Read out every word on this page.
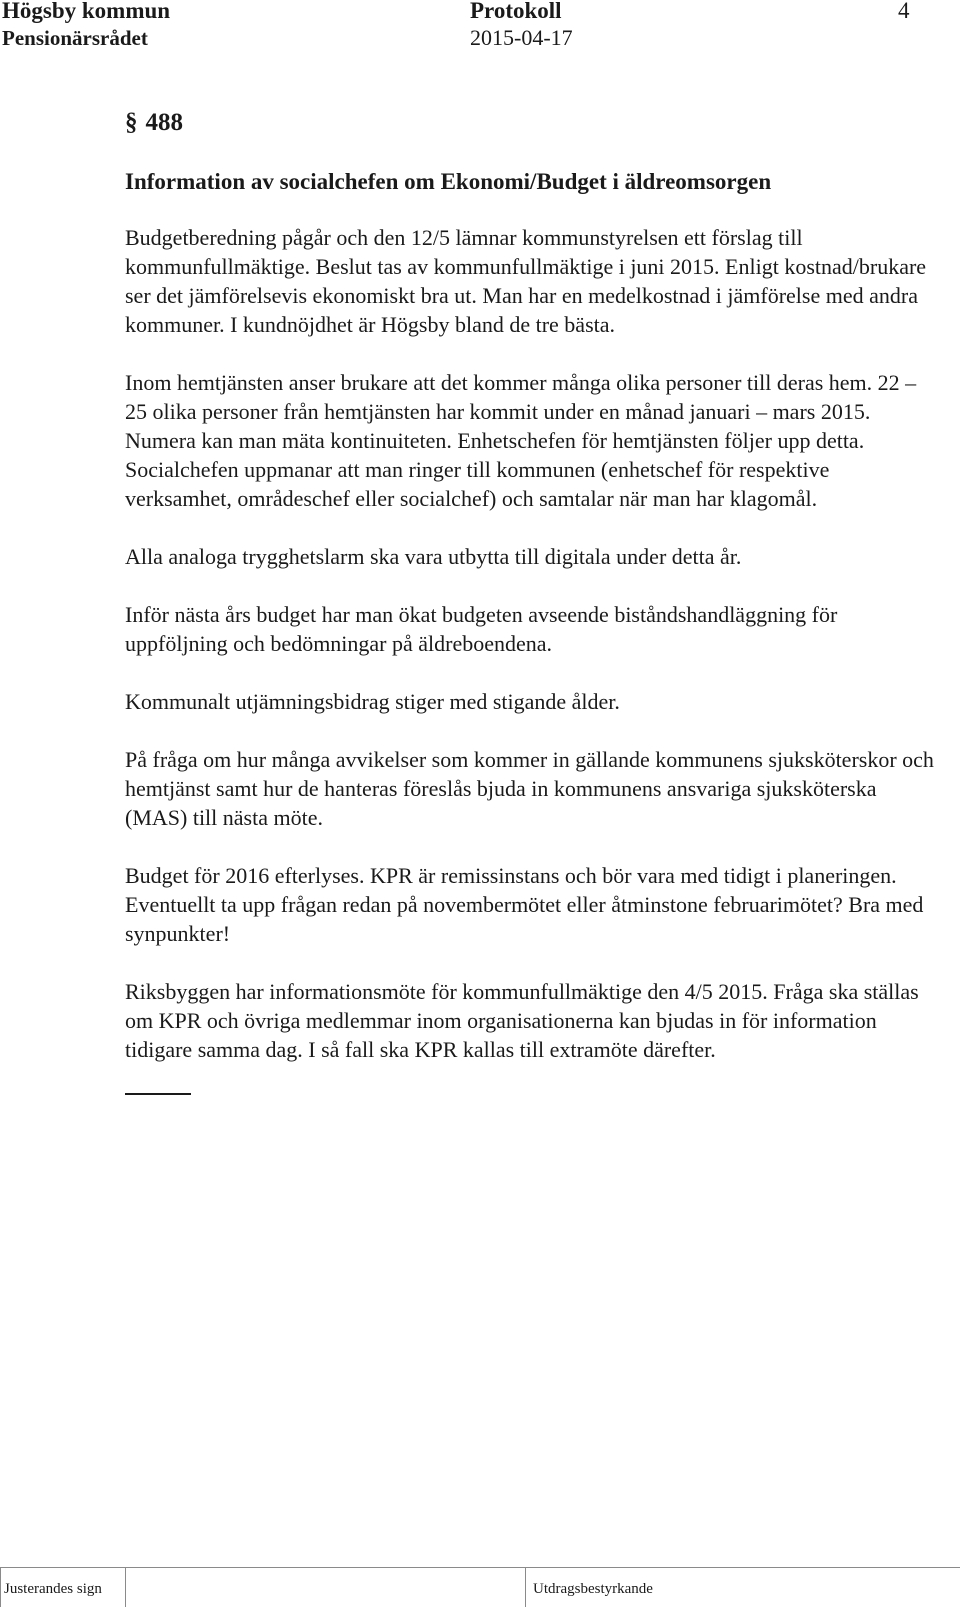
Högsby kommun	Protokoll	4
Pensionärsrådet	2015-04-17

§ 488

Information av socialchefen om Ekonomi/Budget i äldreomsorgen

Budgetberedning pågår och den 12/5 lämnar kommunstyrelsen ett förslag till kommunfullmäktige. Beslut tas av kommunfullmäktige i juni 2015. Enligt kostnad/brukare ser det jämförelsevis ekonomiskt bra ut. Man har en medelkostnad i jämförelse med andra kommuner. I kundnöjdhet är Högsby bland de tre bästa.

Inom hemtjänsten anser brukare att det kommer många olika personer till deras hem. 22 – 25 olika personer från hemtjänsten har kommit under en månad januari – mars 2015. Numera kan man mäta kontinuiteten. Enhetschefen för hemtjänsten följer upp detta. Socialchefen uppmanar att man ringer till kommunen (enhetschef för respektive verksamhet, områdeschef eller socialchef) och samtalar när man har klagomål.

Alla analoga trygghetslarm ska vara utbytta till digitala under detta år.

Inför nästa års budget har man ökat budgeten avseende biståndshandläggning för uppföljning och bedömningar på äldreboendena.

Kommunalt utjämningsbidrag stiger med stigande ålder.

På fråga om hur många avvikelser som kommer in gällande kommunens sjuksköterskor och hemtjänst samt hur de hanteras föreslås bjuda in kommunens ansvariga sjuksköterska (MAS) till nästa möte.

Budget för 2016 efterlyses. KPR är remissinstans och bör vara med tidigt i planeringen. Eventuellt ta upp frågan redan på novembermötet eller åtminstone februarimötet? Bra med synpunkter!

Riksbyggen har informationsmöte för kommunfullmäktige den 4/5 2015. Fråga ska ställas om KPR och övriga medlemmar inom organisationerna kan bjudas in för information tidigare samma dag. I så fall ska KPR kallas till extramöte därefter.

Justerandes sign	Utdragsbestyrkande
